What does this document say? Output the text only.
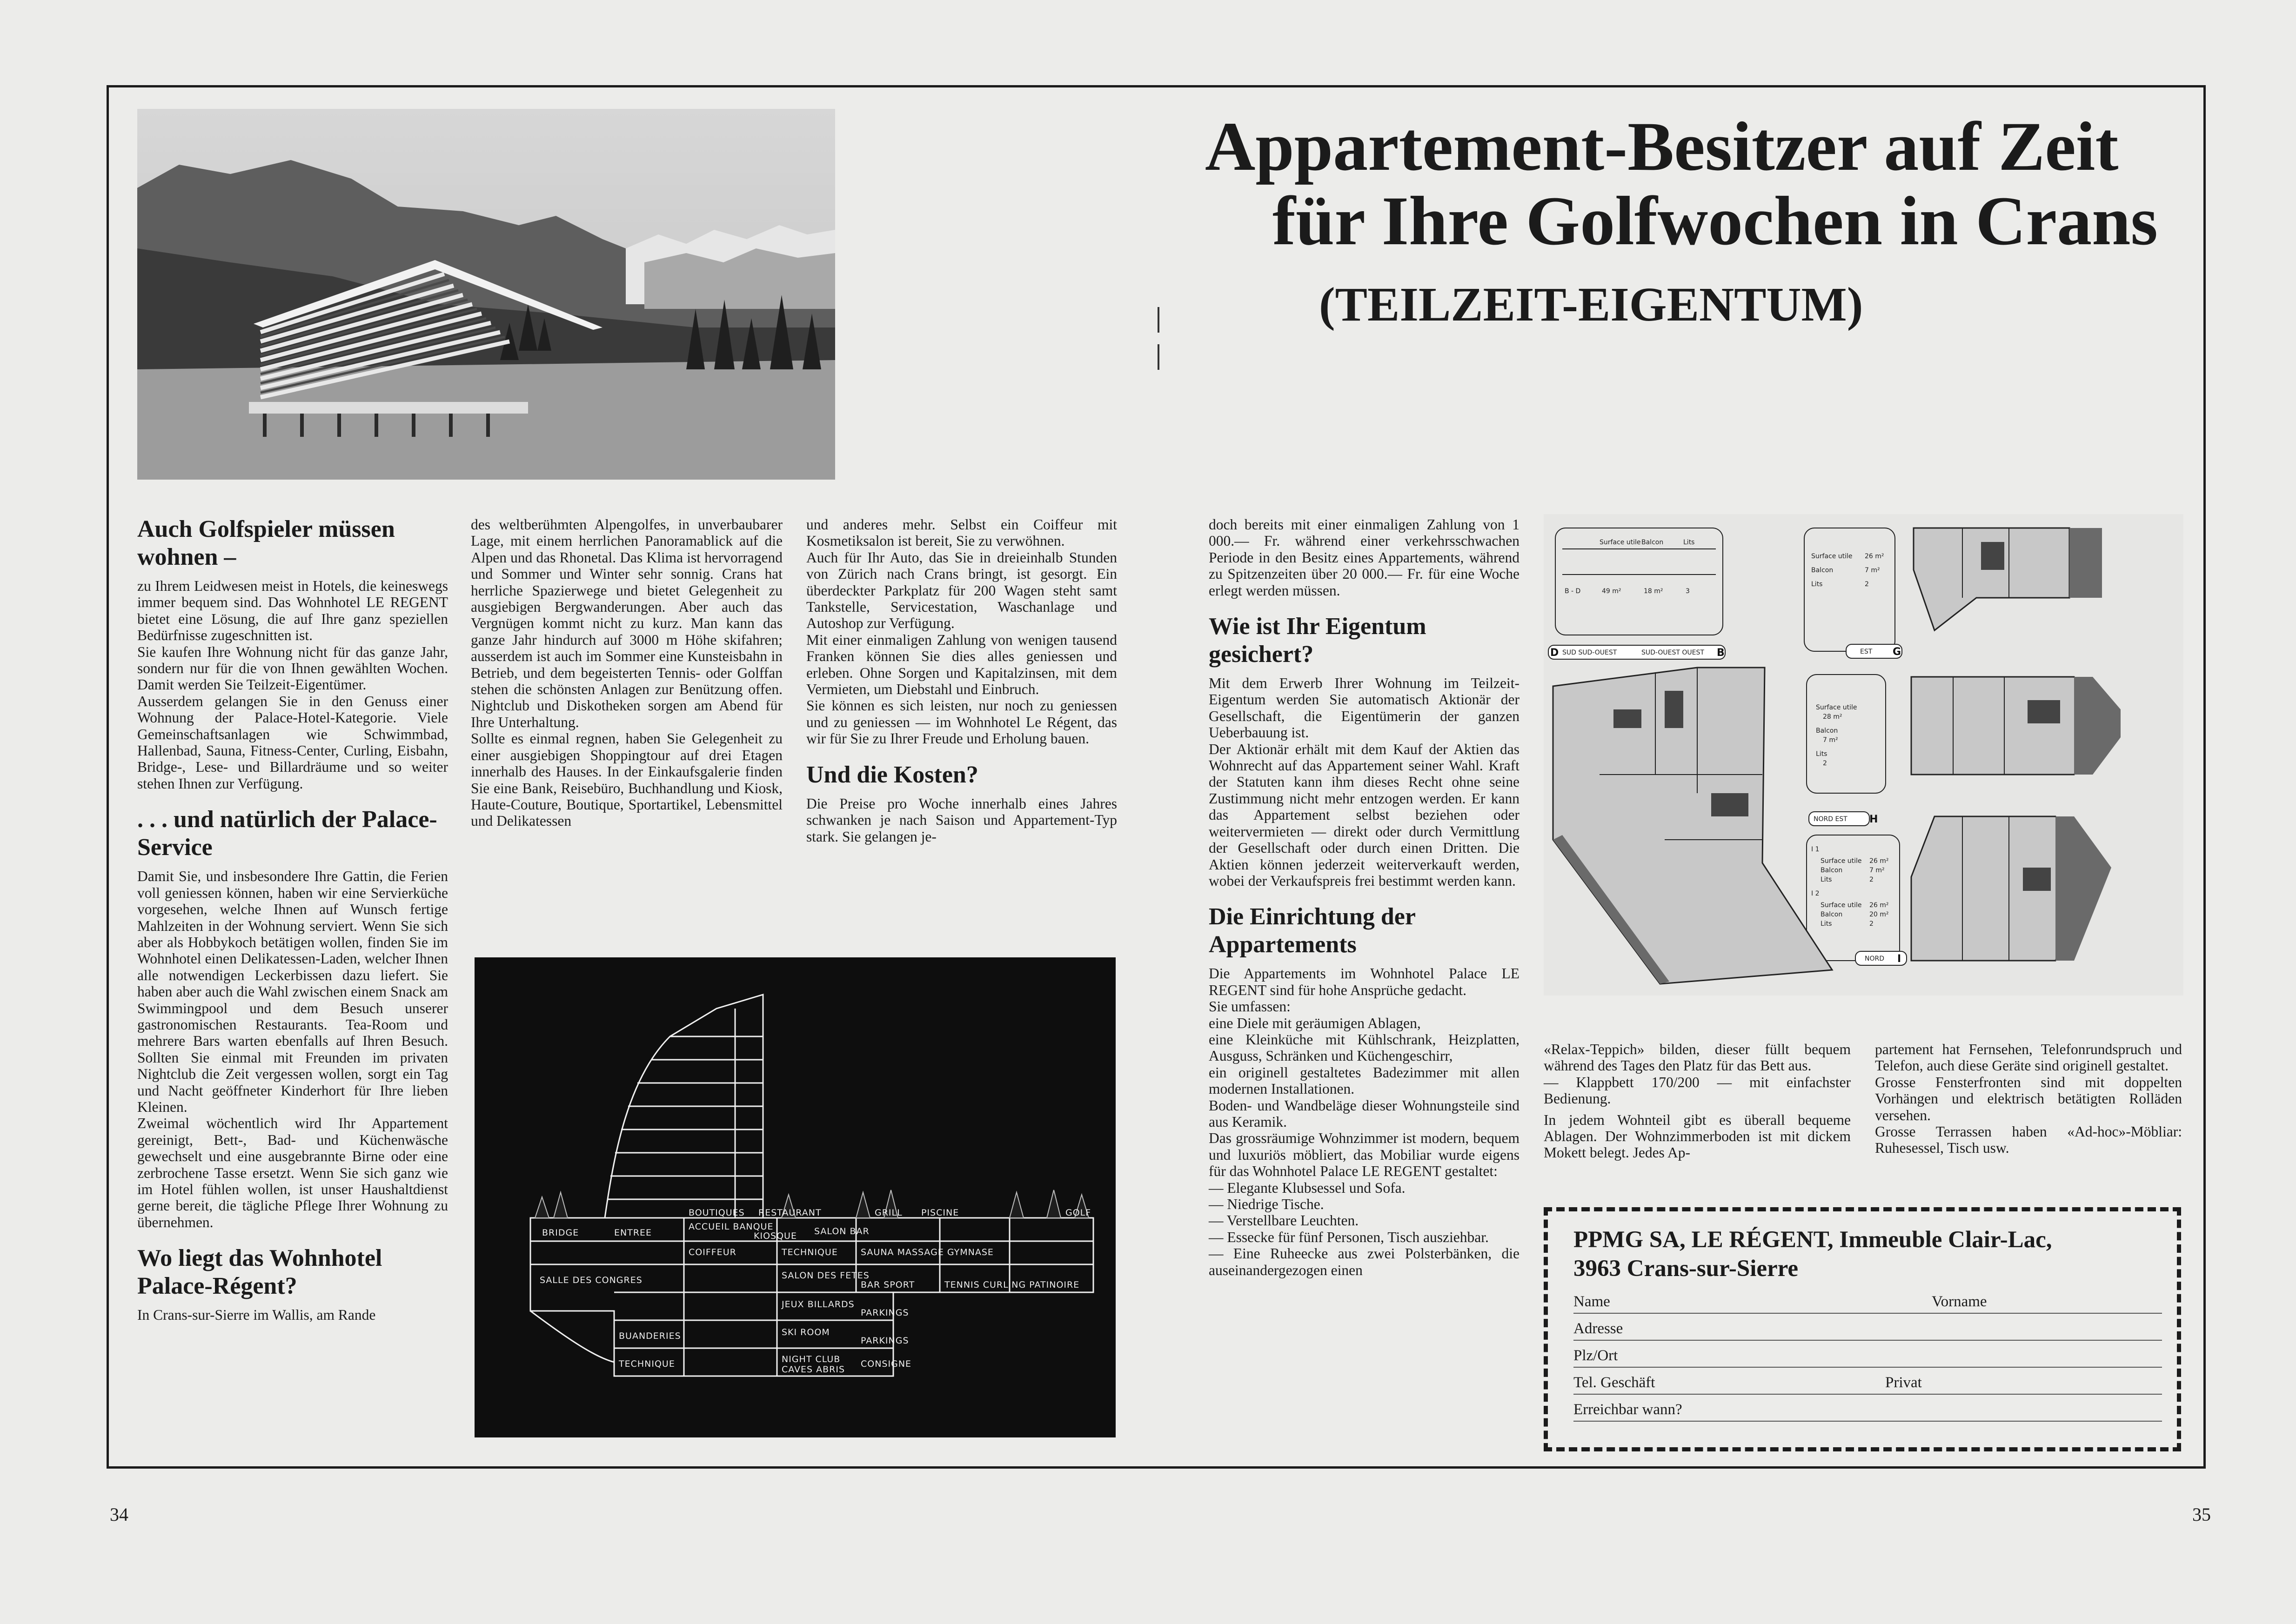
34	35
Appartement-Besitzer auf Zeit
für Ihre Golfwochen in Crans
(TEILZEIT-EIGENTUM)
Auch Golfspieler müssen wohnen –

zu Ihrem Leidwesen meist in Hotels, die keineswegs immer bequem sind. Das Wohnhotel LE REGENT bietet eine Lösung, die auf Ihre ganz speziellen Bedürfnisse zugeschnitten ist.

Sie kaufen Ihre Wohnung nicht für das ganze Jahr, sondern nur für die von Ihnen gewählten Wochen. Damit werden Sie Teilzeit-Eigentümer.

Ausserdem gelangen Sie in den Genuss einer Wohnung der Palace-Hotel-Kategorie. Viele Gemeinschaftsanlagen wie Schwimmbad, Hallenbad, Sauna, Fitness-Center, Curling, Eisbahn, Bridge-, Lese- und Billardräume und so weiter stehen Ihnen zur Verfügung.

. . . und natürlich der Palace-Service

Damit Sie, und insbesondere Ihre Gattin, die Ferien voll geniessen können, haben wir eine Servierküche vorgesehen, welche Ihnen auf Wunsch fertige Mahlzeiten in der Wohnung serviert. Wenn Sie sich aber als Hobbykoch betätigen wollen, finden Sie im Wohnhotel einen Delikatessen-Laden, welcher Ihnen alle notwendigen Leckerbissen dazu liefert. Sie haben aber auch die Wahl zwischen einem Snack am Swimmingpool und dem Besuch unserer gastronomischen Restaurants. Tea-Room und mehrere Bars warten ebenfalls auf Ihren Besuch. Sollten Sie einmal mit Freunden im privaten Nightclub die Zeit vergessen wollen, sorgt ein Tag und Nacht geöffneter Kinderhort für Ihre lieben Kleinen.

Zweimal wöchentlich wird Ihr Appartement gereinigt, Bett-, Bad- und Küchenwäsche gewechselt und eine ausgebrannte Birne oder eine zerbrochene Tasse ersetzt. Wenn Sie sich ganz wie im Hotel fühlen wollen, ist unser Haushaltdienst gerne bereit, die tägliche Pflege Ihrer Wohnung zu übernehmen.

Wo liegt das Wohnhotel Palace-Régent?

In Crans-sur-Sierre im Wallis, am Rande

des weltberühmten Alpengolfes, in unverbaubarer Lage, mit einem herrlichen Panoramablick auf die Alpen und das Rhonetal. Das Klima ist hervorragend und Sommer und Winter sehr sonnig. Crans hat herrliche Spazierwege und bietet Gelegenheit zu ausgiebigen Bergwanderungen. Aber auch das Vergnügen kommt nicht zu kurz. Man kann das ganze Jahr hindurch auf 3000 m Höhe skifahren; ausserdem ist auch im Sommer eine Kunsteisbahn in Betrieb, und dem begeisterten Tennis- oder Golffan stehen die schönsten Anlagen zur Benützung offen. Nightclub und Diskotheken sorgen am Abend für Ihre Unterhaltung.

Sollte es einmal regnen, haben Sie Gelegenheit zu einer ausgiebigen Shoppingtour auf drei Etagen innerhalb des Hauses. In der Einkaufsgalerie finden Sie eine Bank, Reisebüro, Buchhandlung und Kiosk, Haute-Couture, Boutique, Sportartikel, Lebensmittel und Delikatessen

und anderes mehr. Selbst ein Coiffeur mit Kosmetiksalon ist bereit, Sie zu verwöhnen.

Auch für Ihr Auto, das Sie in dreieinhalb Stunden von Zürich nach Crans bringt, ist gesorgt. Ein überdeckter Parkplatz für 200 Wagen steht samt Tankstelle, Servicestation, Waschanlage und Autoshop zur Verfügung.

Mit einer einmaligen Zahlung von wenigen tausend Franken können Sie dies alles geniessen und erleben. Ohne Sorgen und Kapitalzinsen, mit dem Vermieten, um Diebstahl und Einbruch.

Sie können es sich leisten, nur noch zu geniessen und zu geniessen — im Wohnhotel Le Régent, das wir für Sie zu Ihrer Freude und Erholung bauen.

Und die Kosten?

Die Preise pro Woche innerhalb eines Jahres schwanken je nach Saison und Appartement-Typ stark. Sie gelangen je-

BOUTIQUES RESTAURANT	GRILL PISCINE	GOLF
BRIDGE	ENTREE
ACCUEIL BANQUE
KIOSQUE SALON BAR
COIFFEUR	TECHNIQUE	SAUNA MASSAGE GYMNASE
SALLE DES CONGRES	SALON DES FETES
JEUX BILLARDS
BAR SPORT	TENNIS CURLING PATINOIRE
SKI ROOM
BUANDERIES
NIGHT CLUB
PARKINGS
PARKINGS
TECHNIQUE
CAVES ABRIS
CONSIGNE

doch bereits mit einer einmaligen Zahlung von 1 000.— Fr. während einer verkehrsschwachen Periode in den Besitz eines Appartements, während zu Spitzenzeiten über 20 000.— Fr. für eine Woche erlegt werden müssen.

Wie ist Ihr Eigentum gesichert?

Mit dem Erwerb Ihrer Wohnung im Teilzeit-Eigentum werden Sie automatisch Aktionär der Gesellschaft, die Eigentümerin der ganzen Ueberbauung ist.

Der Aktionär erhält mit dem Kauf der Aktien das Wohnrecht auf das Appartement seiner Wahl. Kraft der Statuten kann ihm dieses Recht ohne seine Zustimmung nicht mehr entzogen werden. Er kann das Appartement selbst beziehen oder weitervermieten — direkt oder durch Vermittlung der Gesellschaft oder durch einen Dritten. Die Aktien können jederzeit weiterverkauft werden, wobei der Verkaufspreis frei bestimmt werden kann.

Die Einrichtung der Appartements

Die Appartements im Wohnhotel Palace LE REGENT sind für hohe Ansprüche gedacht.

Sie umfassen:

eine Diele mit geräumigen Ablagen,

eine Kleinküche mit Kühlschrank, Heizplatten, Ausguss, Schränken und Küchengeschirr,

ein originell gestaltetes Badezimmer mit allen modernen Installationen.

Boden- und Wandbeläge dieser Wohnungsteile sind aus Keramik.

Das grossräumige Wohnzimmer ist modern, bequem und luxuriös möbliert, das Mobiliar wurde eigens für das Wohnhotel Palace LE REGENT gestaltet:

— Elegante Klubsessel und Sofa.

— Niedrige Tische.

— Verstellbare Leuchten.

— Essecke für fünf Personen, Tisch ausziehbar.

— Eine Ruheecke aus zwei Polsterbänken, die auseinandergezogen einen

Surface utile Balcon	Lits
B - D	49 m²	18 m²	3
Surface utile 26 m²
Balcon	7 m²
Lits	2
Surface utile
28 m²
Balcon
7 m²
Lits
2
I 1
Surface utile 26 m²
Balcon	7 m²
Lits	2
I 2
Surface utile 26 m²
Balcon	20 m²
Lits	2
SUD SUD-OUEST	SUD-OUEST OUEST
NORD EST
EST
NORD
D	B	G
H
I

«Relax-Teppich» bilden, dieser füllt bequem während des Tages den Platz für das Bett aus.

— Klappbett 170/200 — mit einfachster Bedienung.

In jedem Wohnteil gibt es überall bequeme Ablagen. Der Wohnzimmerboden ist mit dickem Mokett belegt. Jedes Ap-

partement hat Fernsehen, Telefonrundspruch und Telefon, auch diese Geräte sind originell gestaltet.

Grosse Fensterfronten sind mit doppelten Vorhängen und elektrisch betätigten Rolläden versehen.

Grosse Terrassen haben «Ad-hoc»-Möbliar: Ruhesessel, Tisch usw.

PPMG SA, LE RÉGENT, Immeuble Clair-Lac,
3963 Crans-sur-Sierre
Name	Vorname
Adresse
Plz/Ort
Tel. Geschäft	Privat
Erreichbar wann?
